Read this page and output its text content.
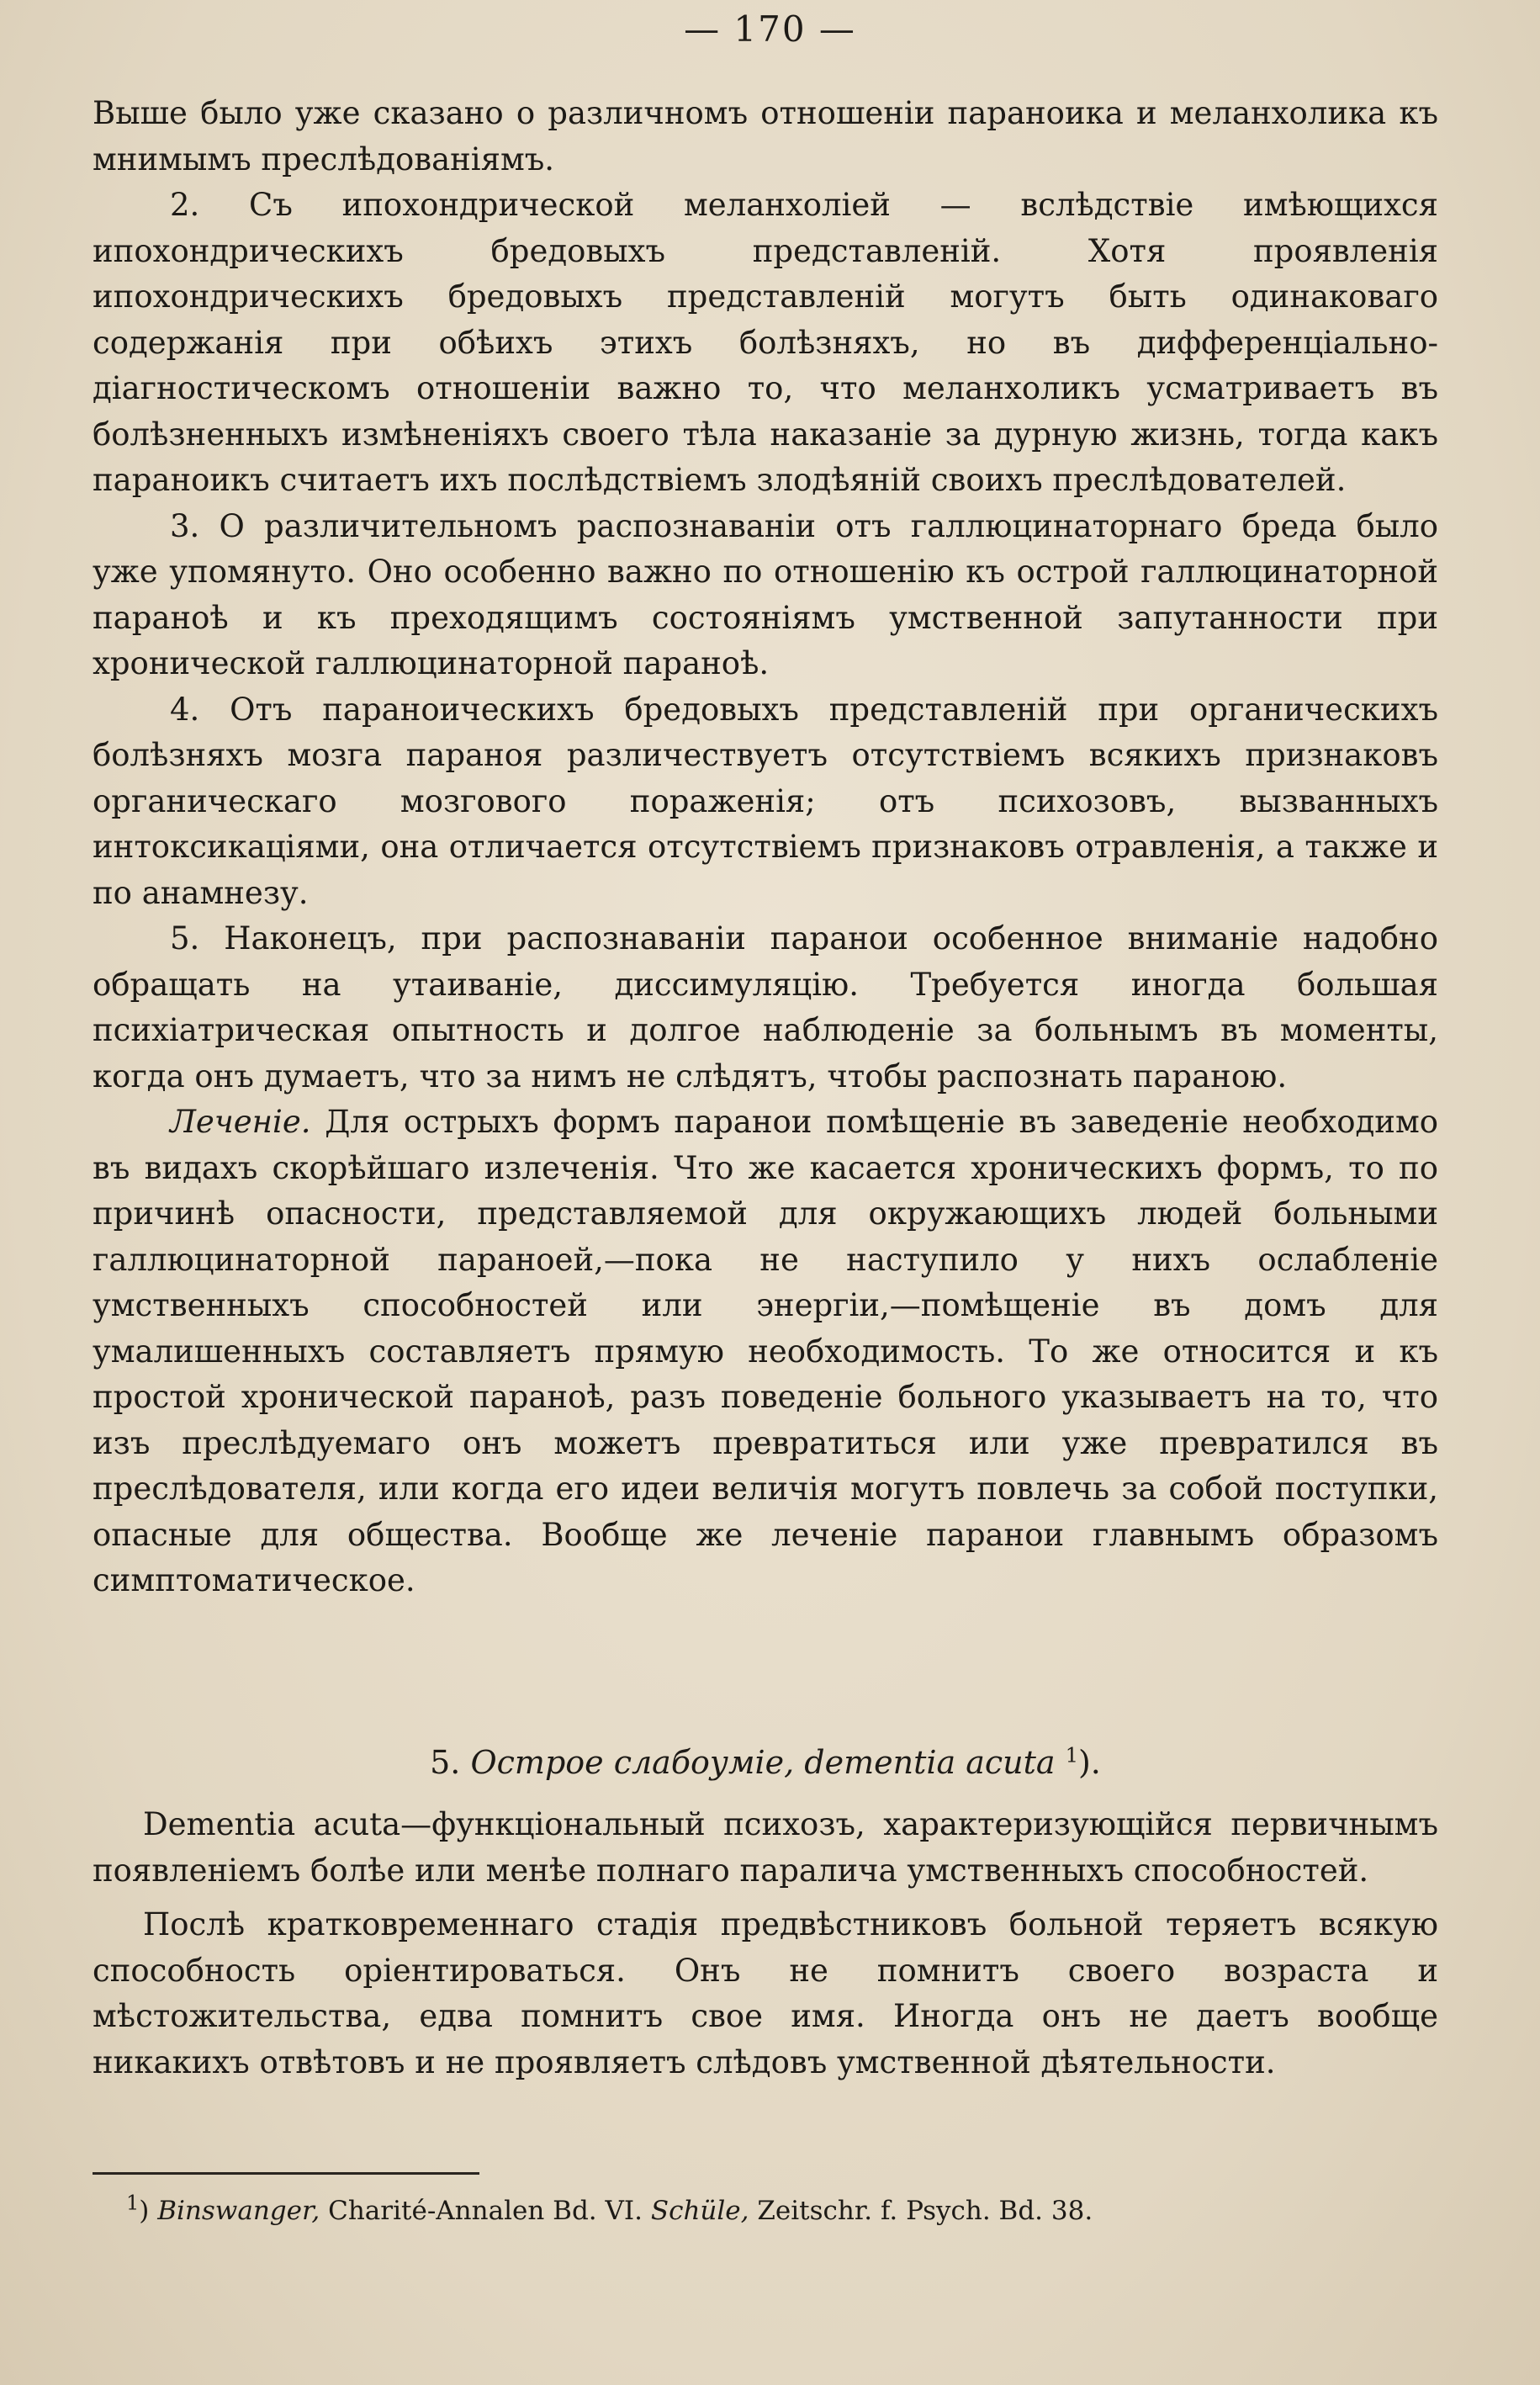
— 170 —

Выше было уже сказано о различномъ отношенiи параноика и меланхолика къ мнимымъ преслѣдованiямъ.

2. Съ ипохондрической меланхолiей — вслѣдствiе имѣющихся ипохондрическихъ бредовыхъ представленiй. Хотя проявленiя ипохондрическихъ бредовыхъ представленiй могутъ быть одинаковаго содержанiя при обѣихъ этихъ болѣзняхъ, но въ дифференцiально-дiагностическомъ отношенiи важно то, что меланхоликъ усматриваетъ въ болѣзненныхъ измѣненiяхъ своего тѣла наказанiе за дурную жизнь, тогда какъ параноикъ считаетъ ихъ послѣдствiемъ злодѣянiй своихъ преслѣдователей.

3. О различительномъ распознаванiи отъ галлюцинаторнаго бреда было уже упомянуто. Оно особенно важно по отношенiю къ острой галлюцинаторной паранoѣ и къ преходящимъ состоянiямъ умственной запутанности при хронической галлюцинаторной паранoѣ.

4. Отъ параноическихъ бредовыхъ представленiй при органическихъ болѣзняхъ мозга параноя различествуетъ отсутствiемъ всякихъ признаковъ органическаго мозгового пораженiя; отъ психозовъ, вызванныхъ интоксикацiями, она отличается отсутствiемъ признаковъ отравленiя, а также и по анамнезу.

5. Наконецъ, при распознаванiи паранои особенное вниманiе надобно обращать на утаиванiе, диссимуляцiю. Требуется иногда большая психiатрическая опытность и долгое наблюденiе за больнымъ въ моменты, когда онъ думаетъ, что за нимъ не слѣдятъ, чтобы распознать параною.

Леченiе. Для острыхъ формъ паранои помѣщенiе въ заведенiе необходимо въ видахъ скорѣйшаго излеченiя. Что же касается хроническихъ формъ, то по причинѣ опасности, представляемой для окружающихъ людей больными галлюцинаторной параноей,—пока не наступило у нихъ ослабленiе умственныхъ способностей или энергiи,—помѣщенiе въ домъ для умалишенныхъ составляетъ прямую необходимость. То же относится и къ простой хронической паранoѣ, разъ поведенiе больного указываетъ на то, что изъ преслѣдуемаго онъ можетъ превратиться или уже превратился въ преслѣдователя, или когда его идеи величiя могутъ повлечь за собой поступки, опасные для общества. Вообще же леченiе паранои главнымъ образомъ симптоматическое.

5. Острое слабоумiе, dementia acuta $^1$).

Dementia acuta—функцiональный психозъ, характеризующiйся первичнымъ появленiемъ болѣе или менѣе полнаго паралича умственныхъ способностей.

Послѣ кратковременнаго стадiя предвѣстниковъ больной теряетъ всякую способность орiентироваться. Онъ не помнитъ своего возраста и мѣстожительства, едва помнитъ свое имя. Иногда онъ не даетъ вообще никакихъ отвѣтовъ и не проявляетъ слѣдовъ умственной дѣятельности.

$^1$) Binswanger, Charité-Annalen Bd. VI. Schüle, Zeitschr. f. Psych. Bd. 38.
